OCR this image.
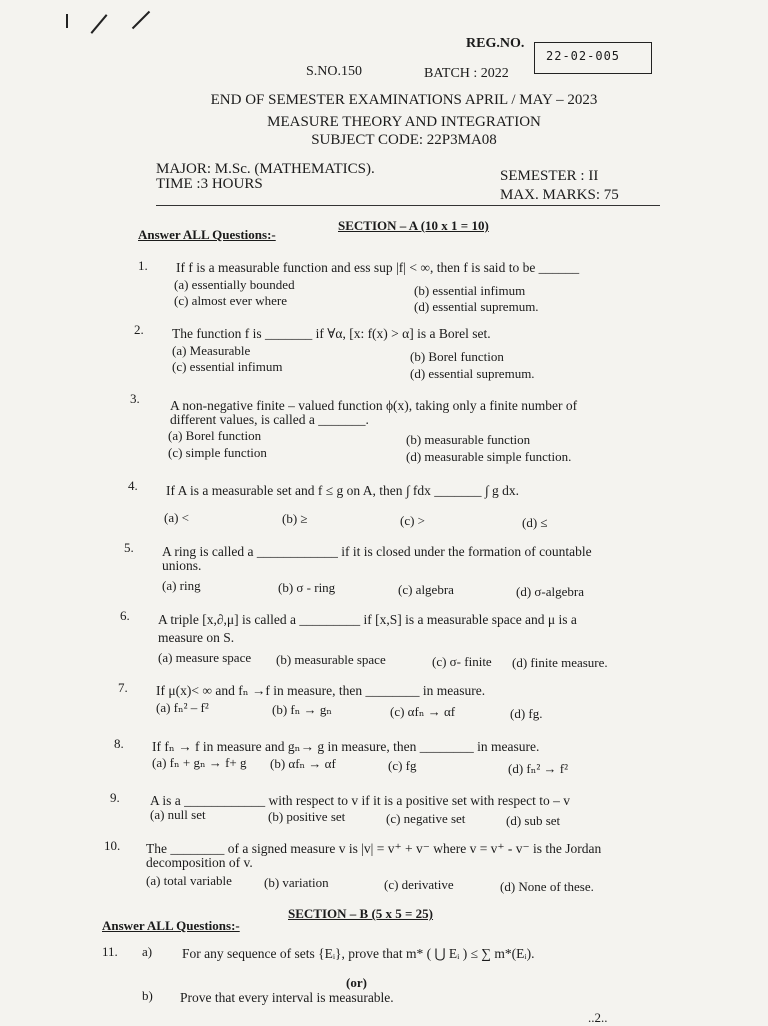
REG.NO.
22-02-005
S.NO.150	BATCH : 2022
END OF SEMESTER EXAMINATIONS APRIL / MAY – 2023
MEASURE THEORY AND INTEGRATION
SUBJECT CODE: 22P3MA08
MAJOR: M.Sc. (MATHEMATICS).
TIME :3 HOURS	SEMESTER : II
MAX. MARKS: 75
SECTION – A (10 x 1 = 10)
Answer ALL Questions:-
1. If f is a measurable function and ess sup |f| < ∞, then f is said to be ______
(a) essentially bounded	(b) essential infimum
(c) almost ever where	(d) essential supremum.
2. The function f is _______ if ∀α, [x: f(x) > α] is a Borel set.
(a) Measurable	(b) Borel function
(c) essential infimum	(d) essential supremum.
3. A non-negative finite – valued function ϕ(x), taking only a finite number of
different values, is called a _______.
(a) Borel function	(b) measurable function
(c) simple function	(d) measurable simple function.
4. If A is a measurable set and f ≤ g on A, then ∫ fdx _______ ∫ g dx.
(a) <	(b) ≥	(c) >	(d) ≤
5. A ring is called a ____________ if it is closed under the formation of countable
unions.
(a) ring	(b) σ - ring	(c) algebra	(d) σ-algebra
6. A triple [x,∂,μ] is called a _________ if [x,S] is a measurable space and μ is a
measure on S.
(a) measure space (b) measurable space	(c) σ- finite (d) finite measure.
7. If μ(x)< ∞ and fₙ →f in measure, then ________ in measure.
(a) fₙ² – f²	(b) fₙ → gₙ	(c) αfₙ → αf	(d) fg.
8. If fₙ → f in measure and gₙ→ g in measure, then ________ in measure.
(a) fₙ + gₙ → f+ g (b) αfₙ → αf	(c) fg	(d) fₙ² → f²
9. A is a ____________ with respect to v if it is a positive set with respect to – v
(a) null set	(b) positive set	(c) negative set	(d) sub set
10. The ________ of a signed measure v is |v| = v⁺ + v⁻ where v = v⁺ - v⁻ is the Jordan
decomposition of v.
(a) total variable (b) variation	(c) derivative	(d) None of these.
SECTION – B (5 x 5 = 25)
Answer ALL Questions:-
11. a) For any sequence of sets {Eᵢ}, prove that m* ( ⋃ Eᵢ ) ≤ ∑ m*(Eᵢ).
(or)
b) Prove that every interval is measurable.
..2..
